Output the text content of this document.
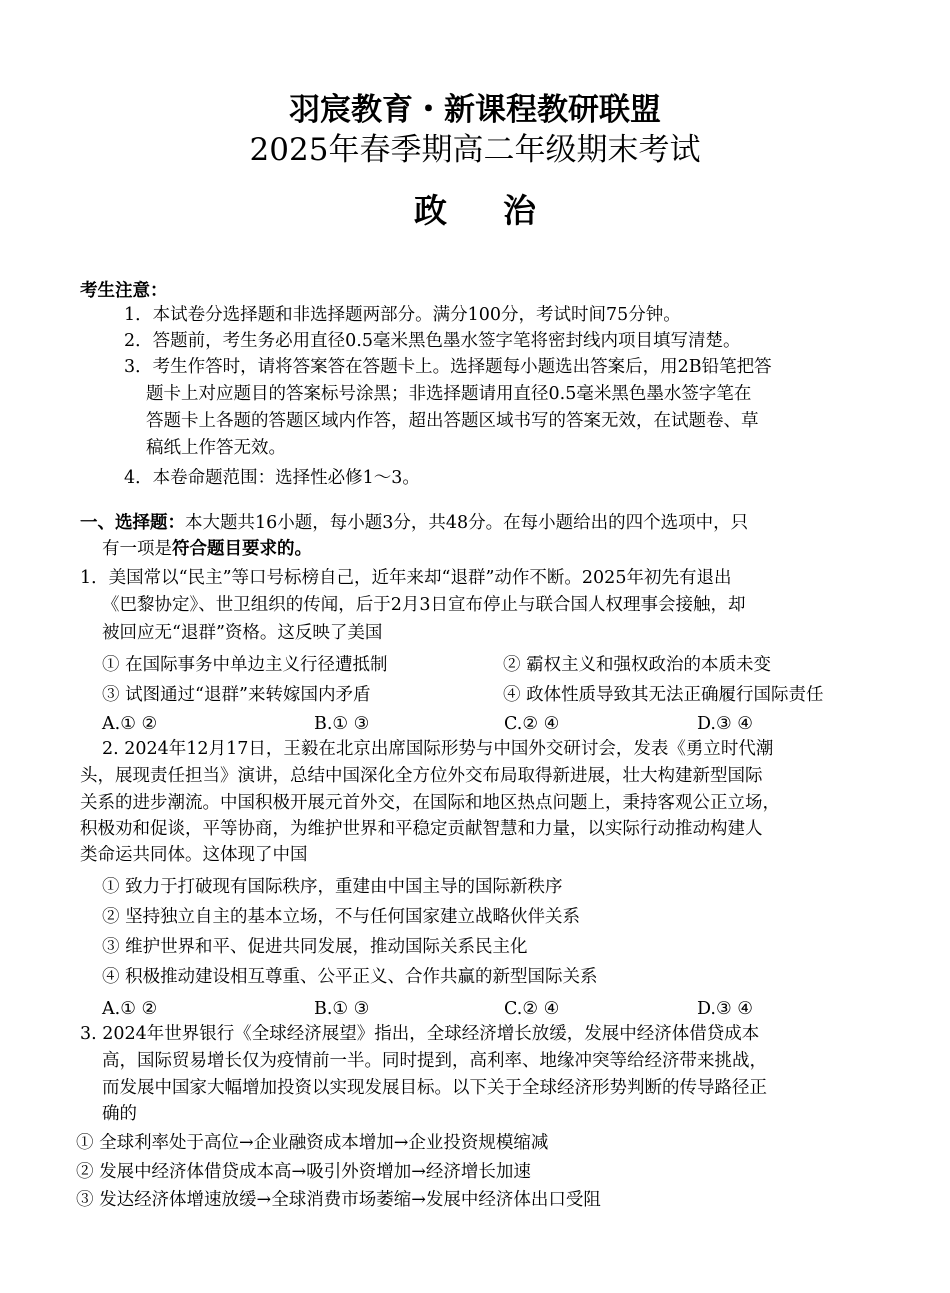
羽宸教育・新课程教研联盟
2025年春季期高二年级期末考试
政治
考生注意：
1．本试卷分选择题和非选择题两部分。满分100分，考试时间75分钟。
2．答题前，考生务必用直径0.5毫米黑色墨水签字笔将密封线内项目填写清楚。
3．考生作答时，请将答案答在答题卡上。选择题每小题选出答案后，用2B铅笔把答
题卡上对应题目的答案标号涂黑；非选择题请用直径0.5毫米黑色墨水签字笔在
答题卡上各题的答题区域内作答，超出答题区域书写的答案无效，在试题卷、草
稿纸上作答无效。
4．本卷命题范围：选择性必修1～3。
一、选择题：本大题共16小题，每小题3分，共48分。在每小题给出的四个选项中，只
有一项是符合题目要求的。
1．美国常以“民主”等口号标榜自己，近年来却“退群”动作不断。2025年初先有退出
《巴黎协定》、世卫组织的传闻，后于2月3日宣布停止与联合国人权理事会接触，却
被回应无“退群”资格。这反映了美国
① 在国际事务中单边主义行径遭抵制	② 霸权主义和强权政治的本质未变
③ 试图通过“退群”来转嫁国内矛盾	④ 政体性质导致其无法正确履行国际责任
A.① ②	B.① ③	C.② ④	D.③ ④
2. 2024年12月17日，王毅在北京出席国际形势与中国外交研讨会，发表《勇立时代潮
头，展现责任担当》演讲，总结中国深化全方位外交布局取得新进展，壮大构建新型国际
关系的进步潮流。中国积极开展元首外交，在国际和地区热点问题上，秉持客观公正立场，
积极劝和促谈，平等协商，为维护世界和平稳定贡献智慧和力量，以实际行动推动构建人
类命运共同体。这体现了中国
① 致力于打破现有国际秩序，重建由中国主导的国际新秩序
② 坚持独立自主的基本立场，不与任何国家建立战略伙伴关系
③ 维护世界和平、促进共同发展，推动国际关系民主化
④ 积极推动建设相互尊重、公平正义、合作共赢的新型国际关系
A.① ②	B.① ③	C.② ④	D.③ ④
3. 2024年世界银行《全球经济展望》指出，全球经济增长放缓，发展中经济体借贷成本
高，国际贸易增长仅为疫情前一半。同时提到，高利率、地缘冲突等给经济带来挑战，
而发展中国家大幅增加投资以实现发展目标。以下关于全球经济形势判断的传导路径正
确的
① 全球利率处于高位→企业融资成本增加→企业投资规模缩减
② 发展中经济体借贷成本高→吸引外资增加→经济增长加速
③ 发达经济体增速放缓→全球消费市场萎缩→发展中经济体出口受阻
